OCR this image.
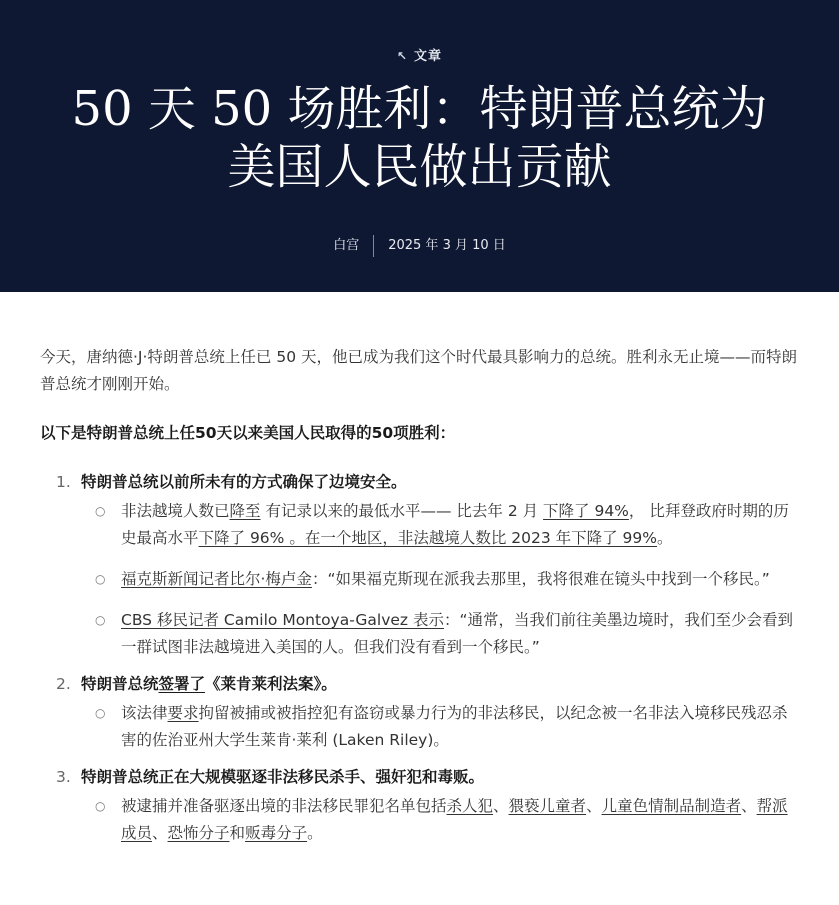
↖ 文章
50 天 50 场胜利：特朗普总统为美国人民做出贡献
白宫 2025 年 3 月 10 日

今天，唐纳德·J·特朗普总统上任已 50 天，他已成为我们这个时代最具影响力的总统。胜利永无止境——而特朗普总统才刚刚开始。

以下是特朗普总统上任50天以来美国人民取得的50项胜利：

1. 特朗普总统以前所未有的方式确保了边境安全。
○ 非法越境人数已降至 有记录以来的最低水平—— 比去年 2 月 下降了 94%， 比拜登政府时期的历史最高水平下降了 96% 。在一个地区，非法越境人数比 2023 年下降了 99%。
○ 福克斯新闻记者比尔·梅卢金：“如果福克斯现在派我去那里，我将很难在镜头中找到一个移民。”
○ CBS 移民记者 Camilo Montoya-Galvez 表示：“通常，当我们前往美墨边境时，我们至少会看到一群试图非法越境进入美国的人。但我们没有看到一个移民。”
2. 特朗普总统签署了《莱肯莱利法案》。
○ 该法律要求拘留被捕或被指控犯有盗窃或暴力行为的非法移民，以纪念被一名非法入境移民残忍杀害的佐治亚州大学生莱肯·莱利 (Laken Riley)。
3. 特朗普总统正在大规模驱逐非法移民杀手、强奸犯和毒贩。
○ 被逮捕并准备驱逐出境的非法移民罪犯名单包括杀人犯、猥亵儿童者、儿童色情制品制造者、帮派成员、恐怖分子和贩毒分子。
